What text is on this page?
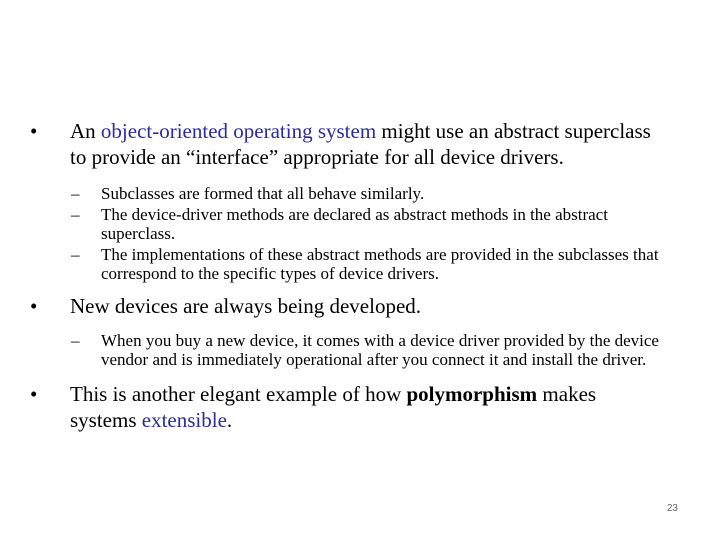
• An object-oriented operating system might use an abstract superclass to provide an “interface” appropriate for all device drivers.
– Subclasses are formed that all behave similarly.
– The device-driver methods are declared as abstract methods in the abstract superclass.
– The implementations of these abstract methods are provided in the subclasses that correspond to the specific types of device drivers.
• New devices are always being developed.
– When you buy a new device, it comes with a device driver provided by the device vendor and is immediately operational after you connect it and install the driver.
• This is another elegant example of how polymorphism makes systems extensible.
23
